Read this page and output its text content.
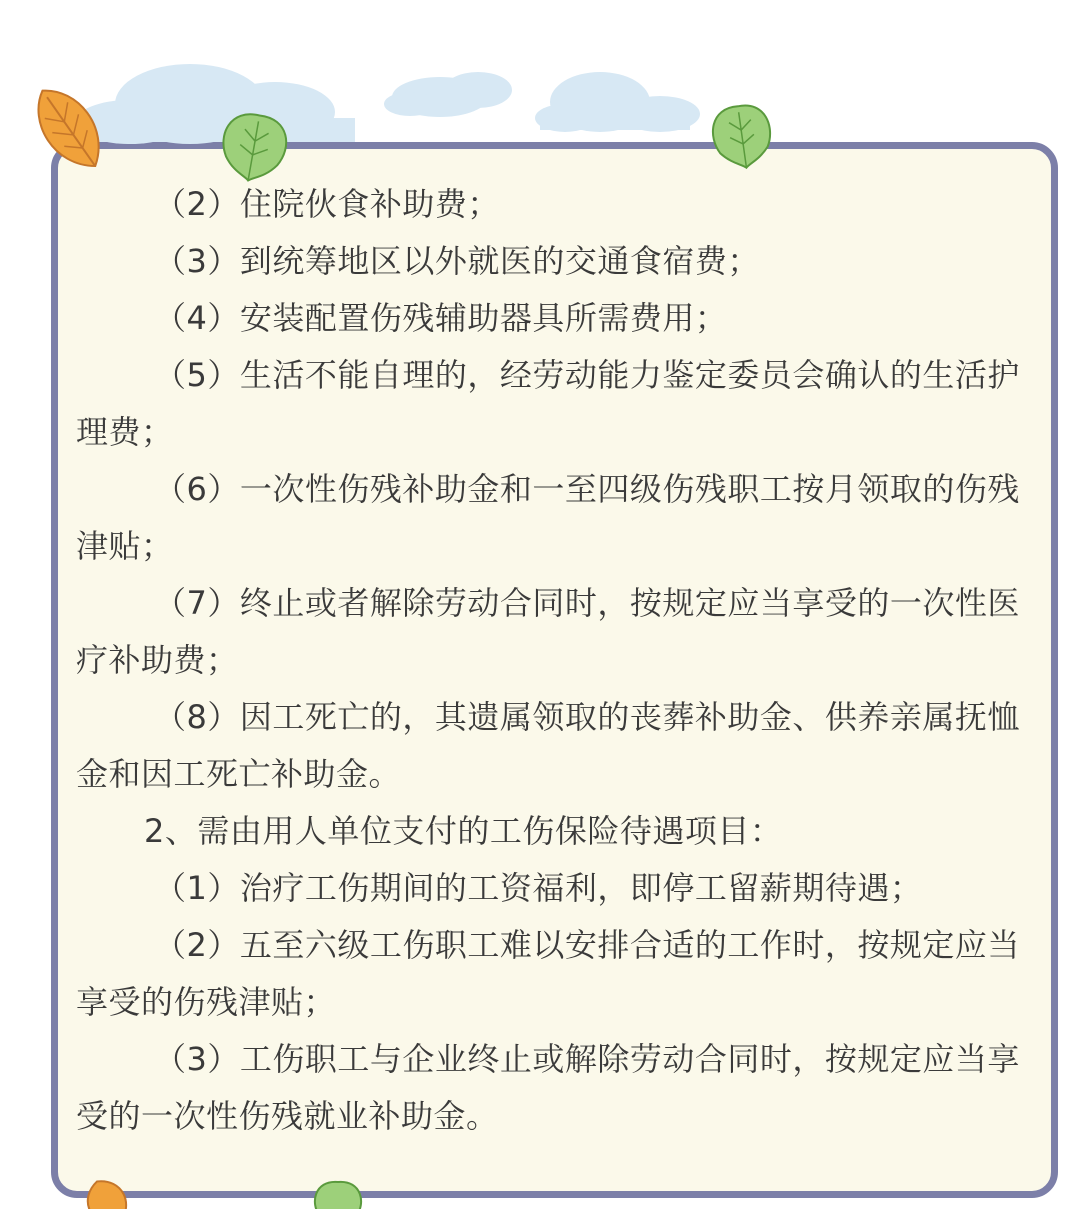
（2）住院伙食补助费；

（3）到统筹地区以外就医的交通食宿费；

（4）安装配置伤残辅助器具所需费用；

（5）生活不能自理的，经劳动能力鉴定委员会确认的生活护理费；

（6）一次性伤残补助金和一至四级伤残职工按月领取的伤残津贴；

（7）终止或者解除劳动合同时，按规定应当享受的一次性医疗补助费；

（8）因工死亡的，其遗属领取的丧葬补助金、供养亲属抚恤金和因工死亡补助金。

2、需由用人单位支付的工伤保险待遇项目：

（1）治疗工伤期间的工资福利，即停工留薪期待遇；

（2）五至六级工伤职工难以安排合适的工作时，按规定应当享受的伤残津贴；

（3）工伤职工与企业终止或解除劳动合同时，按规定应当享受的一次性伤残就业补助金。
